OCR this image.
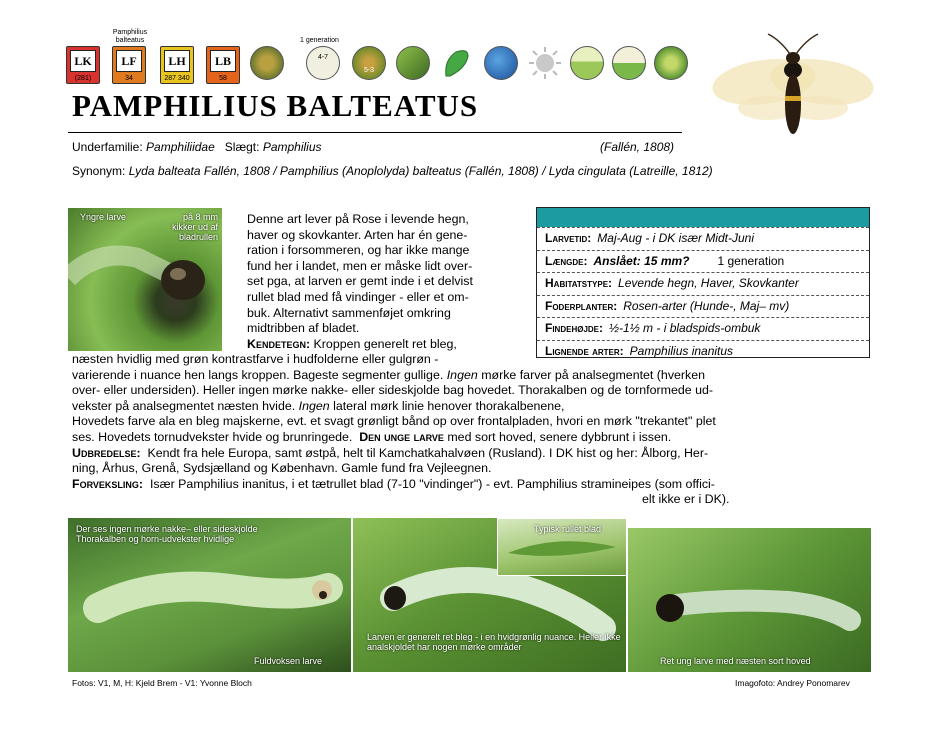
Pamphilius balteatus	1 generation
LK
(281)
LF
34
LH
287 340
LB
58
4-7
5-3
PAMPHILIUS BALTEATUS
Underfamilie: Pamphiliidae Slægt: Pamphilius	(Fallén, 1808)
Synonym: Lyda balteata Fallén, 1808 / Pamphilius (Anoplolyda) balteatus (Fallén, 1808) / Lyda cingulata (Latreille, 1812)
Yngre larve	på 8 mm kikker ud af bladrullen
Denne art lever på Rose i levende hegn,
haver og skovkanter. Arten har én gene-
ration i forsommeren, og har ikke mange
fund her i landet, men er måske lidt over-
set pga, at larven er gemt inde i et delvist
rullet blad med få vindinger - eller et om-
buk. Alternativt sammenføjet omkring
midtribben af bladet.
Kendetegn: Kroppen generelt ret bleg,
Larvetid: Maj-Aug - i DK især Midt-Juni
Længde: Anslået: 15 mm? 1 generation
Habitatstype: Levende hegn, Haver, Skovkanter
Foderplanter: Rosen-arter (Hunde-, Maj– mv)
Findehøjde: ½-1½ m - i bladspids-ombuk
Lignende arter: Pamphilius inanitus
næsten hvidlig med grøn kontrastfarve i hudfolderne eller gulgrøn -
varierende i nuance hen langs kroppen. Bageste segmenter gullige. Ingen mørke farver på analsegmentet (hverken
over- eller undersiden). Heller ingen mørke nakke- eller sideskjolde bag hovedet. Thorakalben og de tornformede ud-
vekster på analsegmentet næsten hvide. Ingen lateral mørk linie henover thorakalbenene,
Hovedets farve ala en bleg majskerne, evt. et svagt grønligt bånd op over frontalpladen, hvori en mørk "trekantet" plet
ses. Hovedets tornudvekster hvide og brunringede. Den unge larve med sort hoved, senere dybbrunt i issen.
Udbredelse: Kendt fra hele Europa, samt østpå, helt til Kamchatkahalvøen (Rusland). I DK hist og her: Ålborg, Her-
ning, Århus, Grenå, Sydsjælland og København. Gamle fund fra Vejleegnen.
Forveksling: Især Pamphilius inanitus, i et tætrullet blad (7-10 "vindinger") - evt. Pamphilius stramineipes (som offici-
elt ikke er i DK).
Der ses ingen mørke nakke– eller sideskjolde Thorakalben og horn-udvekster hvidlige
Fuldvoksen larve
Larven er generelt ret bleg - i en hvidgrønlig nuance. Heller ikke analskjoldet har nogen mørke områder
Typisk rullet blad
Ret ung larve med næsten sort hoved
Fotos: V1, M, H: Kjeld Brem - V1: Yvonne Bloch	Imagofoto: Andrey Ponomarev
